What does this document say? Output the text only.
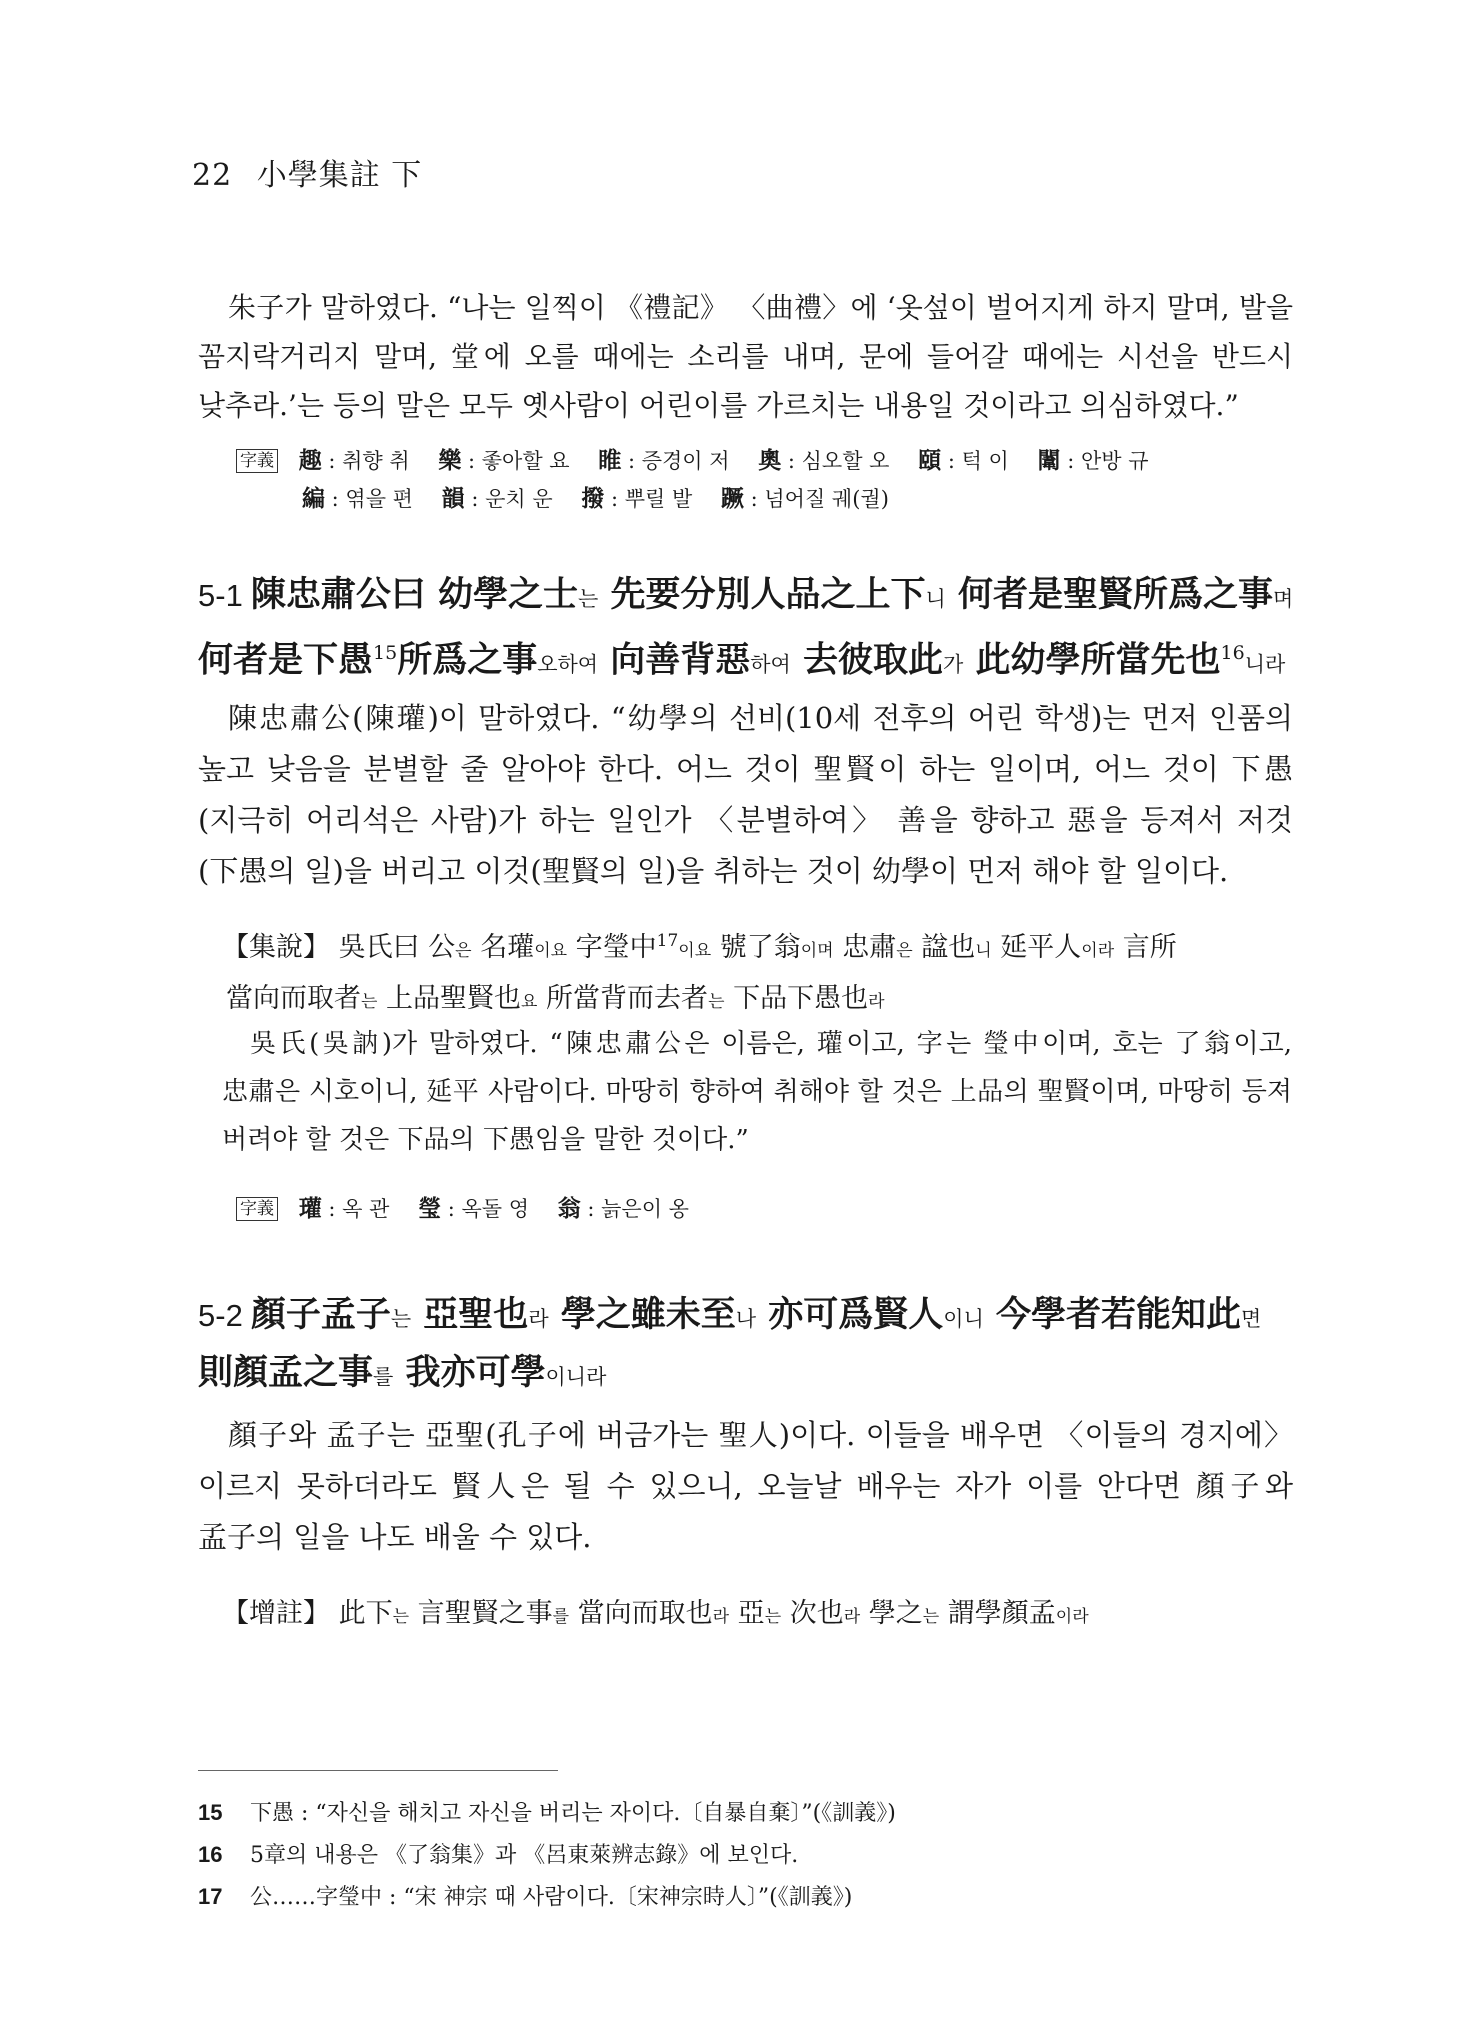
22 小學集註 下
朱子가 말하였다. “나는 일찍이 《禮記》 〈曲禮〉에 ‘옷섶이 벌어지게 하지 말며, 발을 꼼지락거리지 말며, 堂에 오를 때에는 소리를 내며, 문에 들어갈 때에는 시선을 반드시 낮추라.’는 등의 말은 모두 옛사람이 어린이를 가르치는 내용일 것이라고 의심하였다.”
字義 趣 : 취향 취 樂 : 좋아할 요 睢 : 증경이 저 奧 : 심오할 오 頤 : 턱 이 闈 : 안방 규
編 : 엮을 편 韻 : 운치 운 撥 : 뿌릴 발 蹶 : 넘어질 궤(궐)
5-1 陳忠肅公曰 幼學之士는 先要分別人品之上下니 何者是聖賢所爲之事며
何者是下愚$^{15}$所爲之事오하여 向善背惡하여 去彼取此가 此幼學所當先也$^{16}$니라
陳忠肅公(陳瓘)이 말하였다. “幼學의 선비(10세 전후의 어린 학생)는 먼저 인품의 높고 낮음을 분별할 줄 알아야 한다. 어느 것이 聖賢이 하는 일이며, 어느 것이 下愚(지극히 어리석은 사람)가 하는 일인가 〈분별하여〉 善을 향하고 惡을 등져서 저것(下愚의 일)을 버리고 이것(聖賢의 일)을 취하는 것이 幼學이 먼저 해야 할 일이다.
【集說】 吳氏曰 公은 名瓘이요 字瑩中$^{17}$이요 號了翁이며 忠肅은 諡也니 延平人이라 言所
當向而取者는 上品聖賢也요 所當背而去者는 下品下愚也라
吳氏(吳訥)가 말하였다. “陳忠肅公은 이름은, 瓘이고, 字는 瑩中이며, 호는 了翁이고, 忠肅은 시호이니, 延平 사람이다. 마땅히 향하여 취해야 할 것은 上品의 聖賢이며, 마땅히 등져 버려야 할 것은 下品의 下愚임을 말한 것이다.”
字義 瓘 : 옥 관 瑩 : 옥돌 영 翁 : 늙은이 옹
5-2 顏子孟子는 亞聖也라 學之雖未至나 亦可爲賢人이니 今學者若能知此면
則顏孟之事를 我亦可學이니라
顏子와 孟子는 亞聖(孔子에 버금가는 聖人)이다. 이들을 배우면 〈이들의 경지에〉 이르지 못하더라도 賢人은 될 수 있으니, 오늘날 배우는 자가 이를 안다면 顏子와 孟子의 일을 나도 배울 수 있다.
【增註】 此下는 言聖賢之事를 當向而取也라 亞는 次也라 學之는 謂學顏孟이라
15 下愚 : “자신을 해치고 자신을 버리는 자이다.〔自暴自棄〕”(《訓義》)
16 5章의 내용은 《了翁集》과 《呂東萊辨志錄》에 보인다.
17 公……字瑩中 : “宋 神宗 때 사람이다.〔宋神宗時人〕”(《訓義》)
